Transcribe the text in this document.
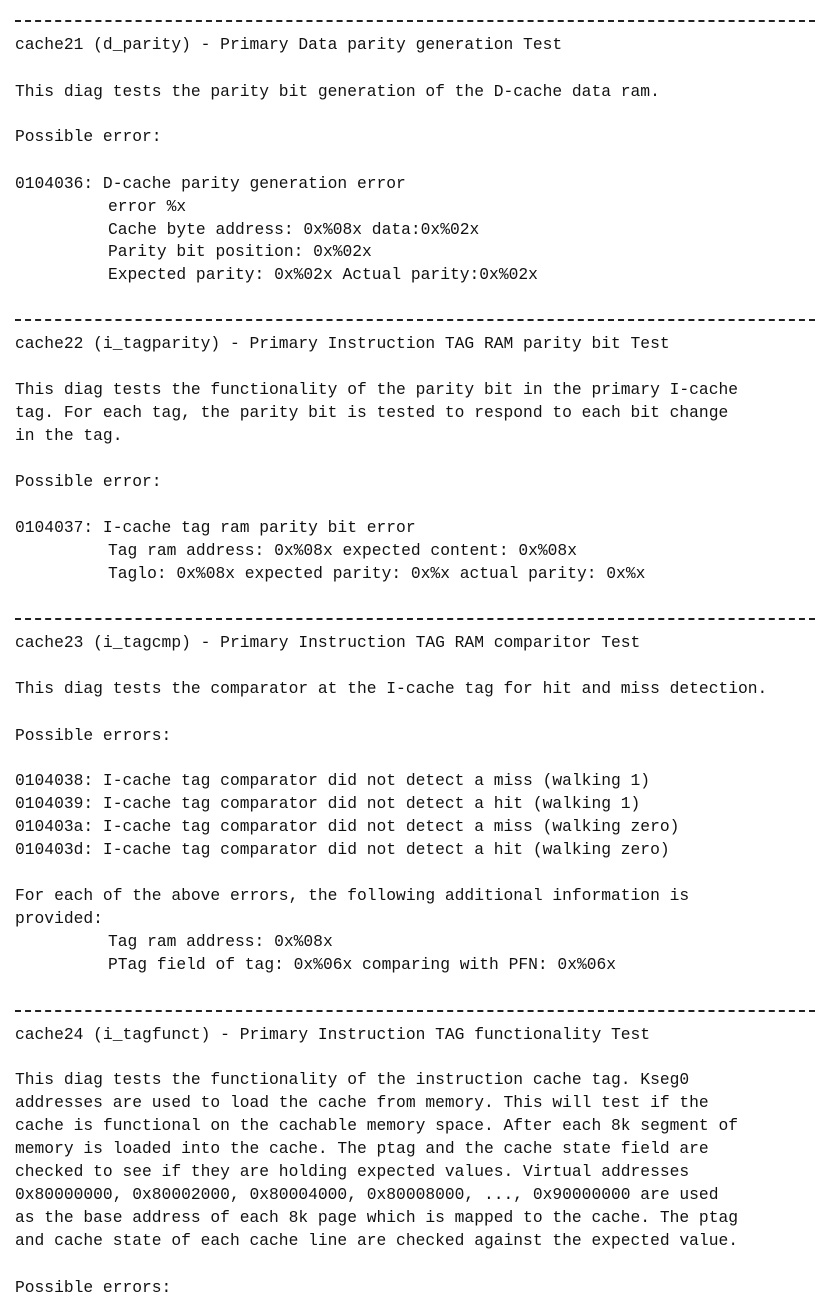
cache21 (d_parity) - Primary Data parity generation Test
This diag tests the parity bit generation of the D-cache data ram.
Possible error:
0104036: D-cache parity generation error
error %x
Cache byte address: 0x%08x data:0x%02x
Parity bit position: 0x%02x
Expected parity: 0x%02x Actual parity:0x%02x
cache22 (i_tagparity) - Primary Instruction TAG RAM parity bit Test
This diag tests the functionality of the parity bit in the primary I-cache
tag. For each tag, the parity bit is tested to respond to each bit change
in the tag.
Possible error:
0104037: I-cache tag ram parity bit error
Tag ram address: 0x%08x expected content: 0x%08x
Taglo: 0x%08x expected parity: 0x%x actual parity: 0x%x
cache23 (i_tagcmp) - Primary Instruction TAG RAM comparitor Test
This diag tests the comparator at the I-cache tag for hit and miss detection.
Possible errors:
0104038: I-cache tag comparator did not detect a miss (walking 1)
0104039: I-cache tag comparator did not detect a hit (walking 1)
010403a: I-cache tag comparator did not detect a miss (walking zero)
010403d: I-cache tag comparator did not detect a hit (walking zero)
For each of the above errors, the following additional information is
provided:
Tag ram address: 0x%08x
PTag field of tag: 0x%06x comparing with PFN: 0x%06x
cache24 (i_tagfunct) - Primary Instruction TAG functionality Test
This diag tests the functionality of the instruction cache tag. Kseg0
addresses are used to load the cache from memory. This will test if the
cache is functional on the cachable memory space. After each 8k segment of
memory is loaded into the cache. The ptag and the cache state field are
checked to see if they are holding expected values. Virtual addresses
0x80000000, 0x80002000, 0x80004000, 0x80008000, ..., 0x90000000 are used
as the base address of each 8k page which is mapped to the cache. The ptag
and cache state of each cache line are checked against the expected value.
Possible errors:
